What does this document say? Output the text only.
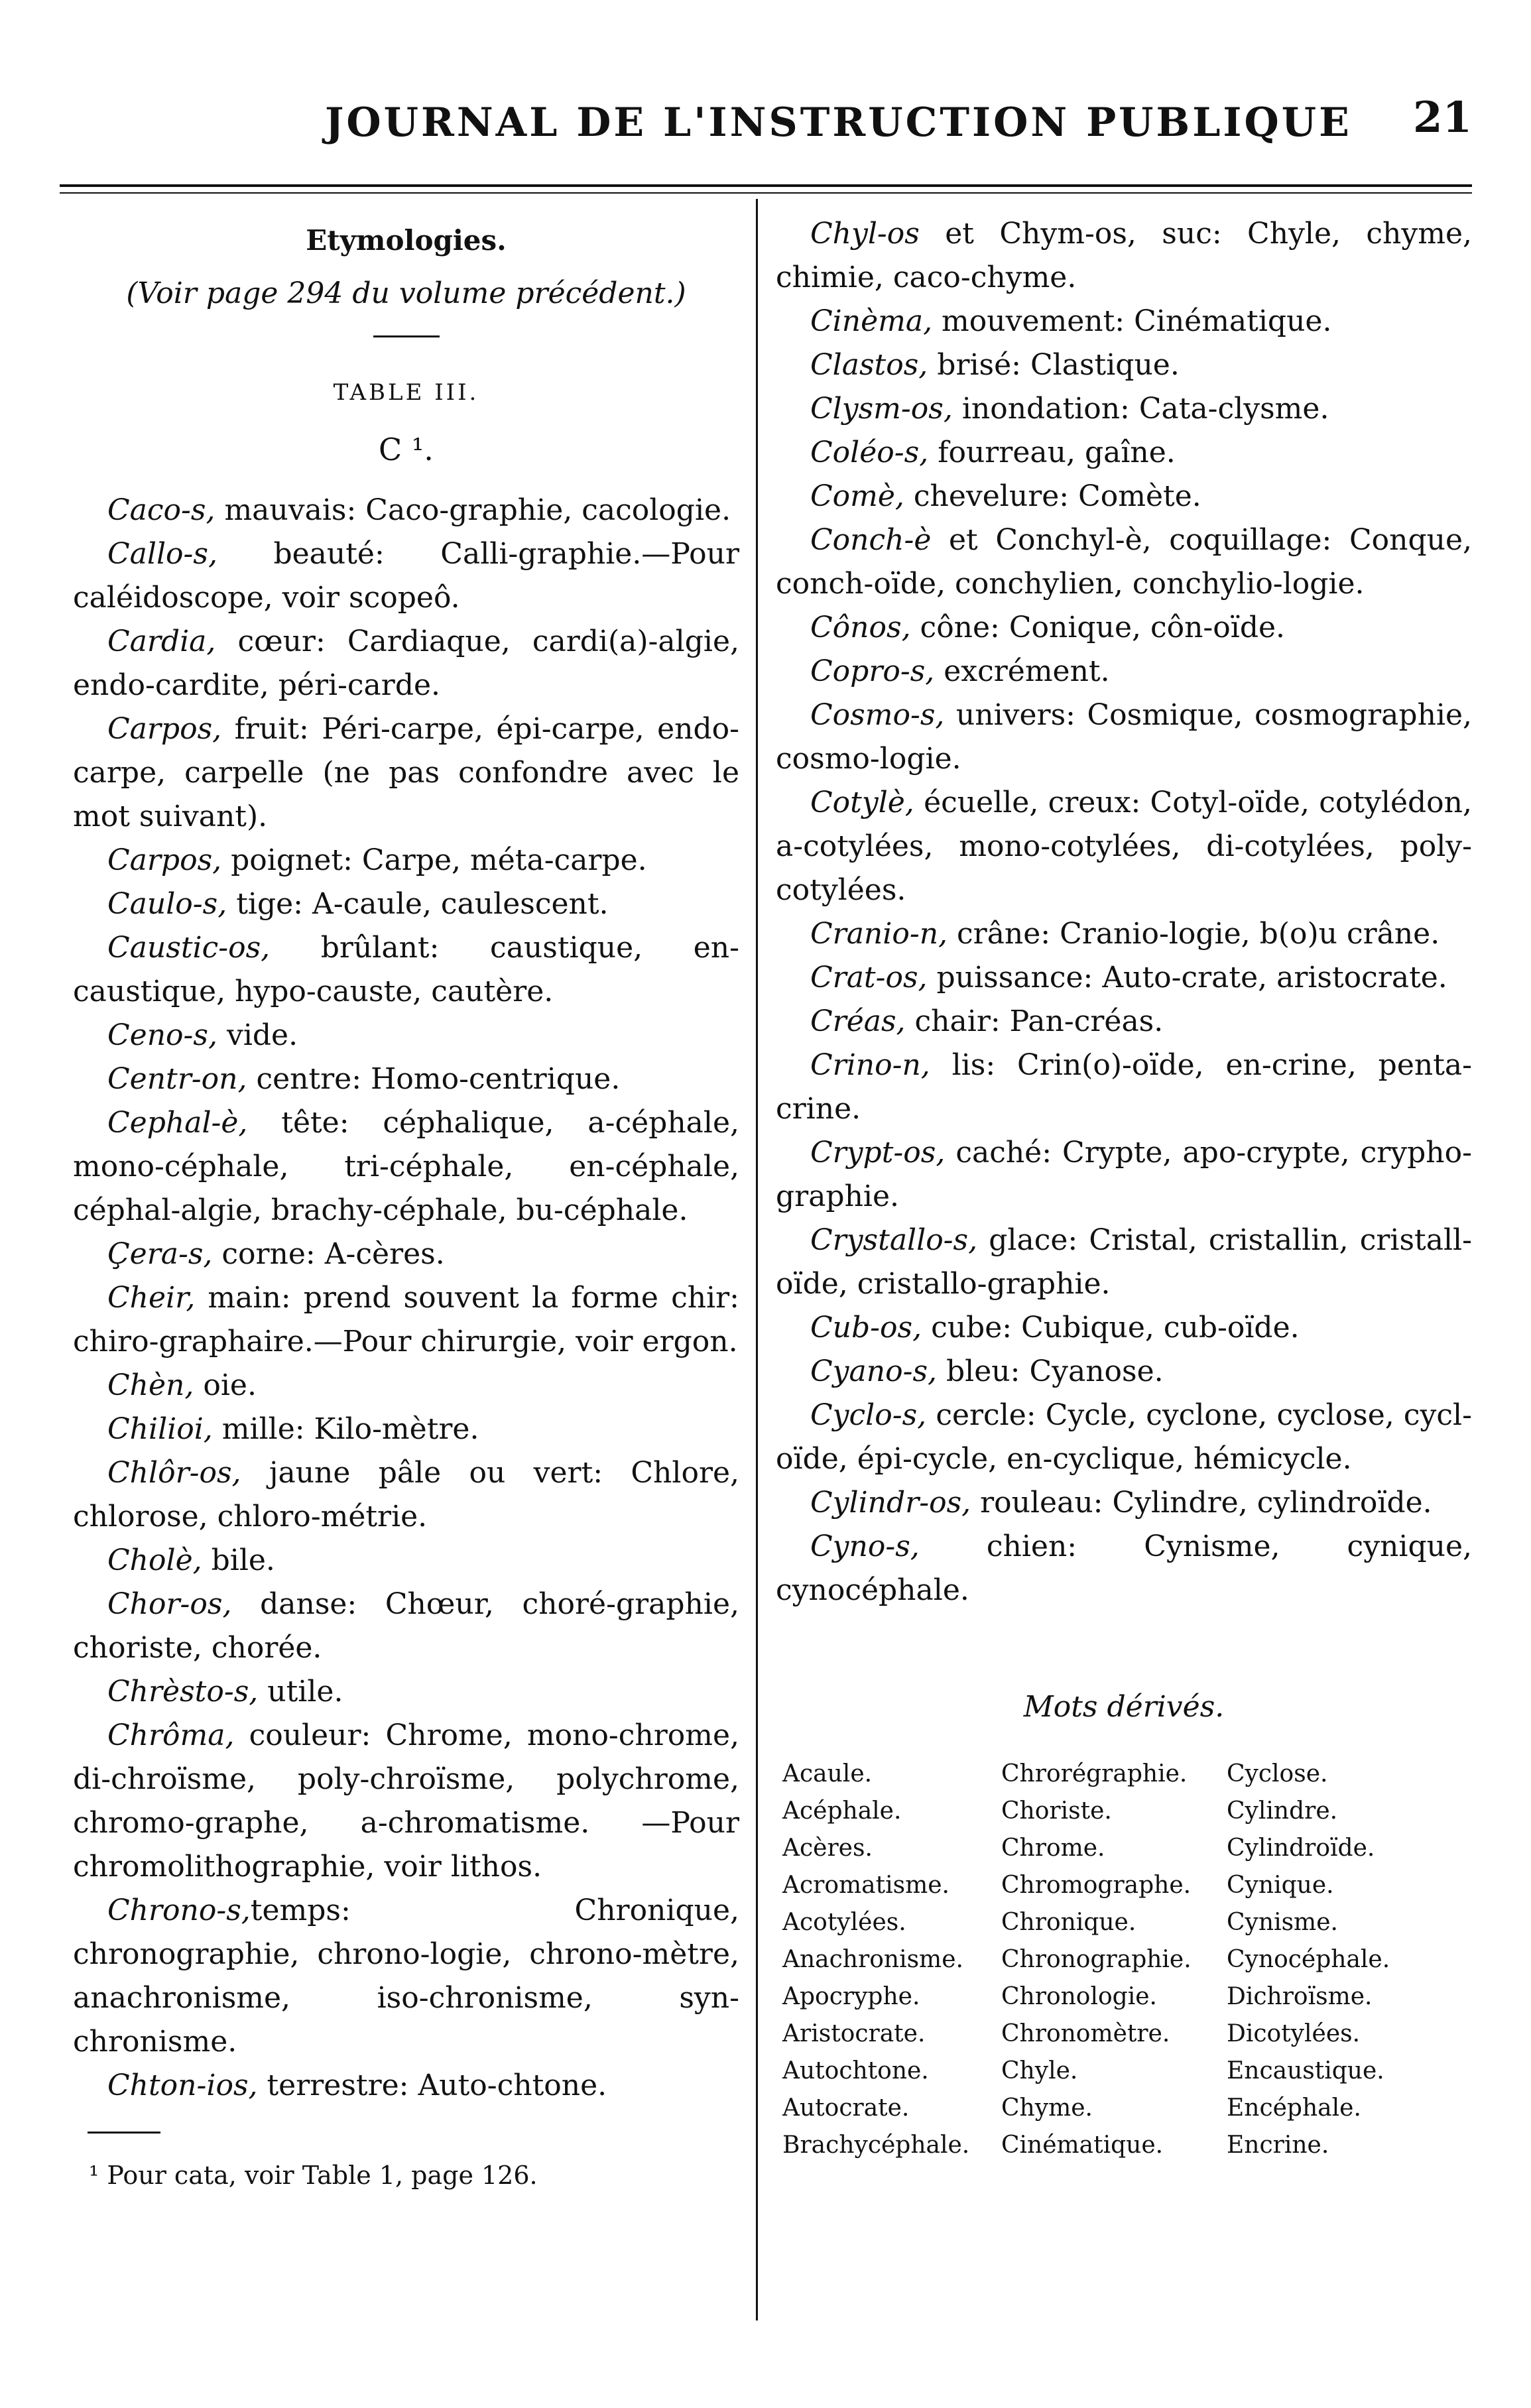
JOURNAL DE L'INSTRUCTION PUBLIQUE 21
Etymologies.
(Voir page 294 du volume précédent.)
TABLE III.
C ¹.

Caco-s, mauvais: Caco-graphie, cacologie.

Callo-s, beauté: Calli-graphie.—Pour caléidoscope, voir scopeô.

Cardia, cœur: Cardiaque, cardi(a)-algie, endo-cardite, péri-carde.

Carpos, fruit: Péri-carpe, épi-carpe, endo-carpe, carpelle (ne pas confondre avec le mot suivant).

Carpos, poignet: Carpe, méta-carpe.

Caulo-s, tige: A-caule, caulescent.

Caustic-os, brûlant: caustique, en-caustique, hypo-causte, cautère.

Ceno-s, vide.

Centr-on, centre: Homo-centrique.

Cephal-è, tête: céphalique, a-céphale, mono-céphale, tri-céphale, en-céphale, céphal-algie, brachy-céphale, bu-céphale.

Çera-s, corne: A-cères.

Cheir, main: prend souvent la forme chir: chiro-graphaire.—Pour chirurgie, voir ergon.

Chèn, oie.

Chilioi, mille: Kilo-mètre.

Chlôr-os, jaune pâle ou vert: Chlore, chlorose, chloro-métrie.

Cholè, bile.

Chor-os, danse: Chœur, choré-graphie, choriste, chorée.

Chrèsto-s, utile.

Chrôma, couleur: Chrome, mono-chrome, di-chroïsme, poly-chroïsme, polychrome, chromo-graphe, a-chromatisme. —Pour chromolithographie, voir lithos.

Chrono-s,temps: Chronique, chronographie, chrono-logie, chrono-mètre, anachronisme, iso-chronisme, syn-chronisme.

Chton-ios, terrestre: Auto-chtone.

¹ Pour cata, voir Table 1, page 126.

Chyl-os et Chym-os, suc: Chyle, chyme, chimie, caco-chyme.

Cinèma, mouvement: Cinématique.

Clastos, brisé: Clastique.

Clysm-os, inondation: Cata-clysme.

Coléo-s, fourreau, gaîne.

Comè, chevelure: Comète.

Conch-è et Conchyl-è, coquillage: Conque, conch-oïde, conchylien, conchylio-logie.

Cônos, cône: Conique, côn-oïde.

Copro-s, excrément.

Cosmo-s, univers: Cosmique, cosmographie, cosmo-logie.

Cotylè, écuelle, creux: Cotyl-oïde, cotylédon, a-cotylées, mono-cotylées, di-cotylées, poly-cotylées.

Cranio-n, crâne: Cranio-logie, b(o)u crâne.

Crat-os, puissance: Auto-crate, aristocrate.

Créas, chair: Pan-créas.

Crino-n, lis: Crin(o)-oïde, en-crine, penta-crine.

Crypt-os, caché: Crypte, apo-crypte, crypho-graphie.

Crystallo-s, glace: Cristal, cristallin, cristall-oïde, cristallo-graphie.

Cub-os, cube: Cubique, cub-oïde.

Cyano-s, bleu: Cyanose.

Cyclo-s, cercle: Cycle, cyclone, cyclose, cycl-oïde, épi-cycle, en-cyclique, hémicycle.

Cylindr-os, rouleau: Cylindre, cylindroïde.

Cyno-s, chien: Cynisme, cynique, cynocéphale.

Mots dérivés.
Acaule.	Chrorégraphie.	Cyclose.
Acéphale.	Choriste.	Cylindre.
Acères.	Chrome.	Cylindroïde.
Acromatisme.	Chromographe.	Cynique.
Acotylées.	Chronique.	Cynisme.
Anachronisme.	Chronographie.	Cynocéphale.
Apocryphe.	Chronologie.	Dichroïsme.
Aristocrate.	Chronomètre.	Dicotylées.
Autochtone.	Chyle.	Encaustique.
Autocrate.	Chyme.	Encéphale.
Brachycéphale.	Cinématique.	Encrine.
